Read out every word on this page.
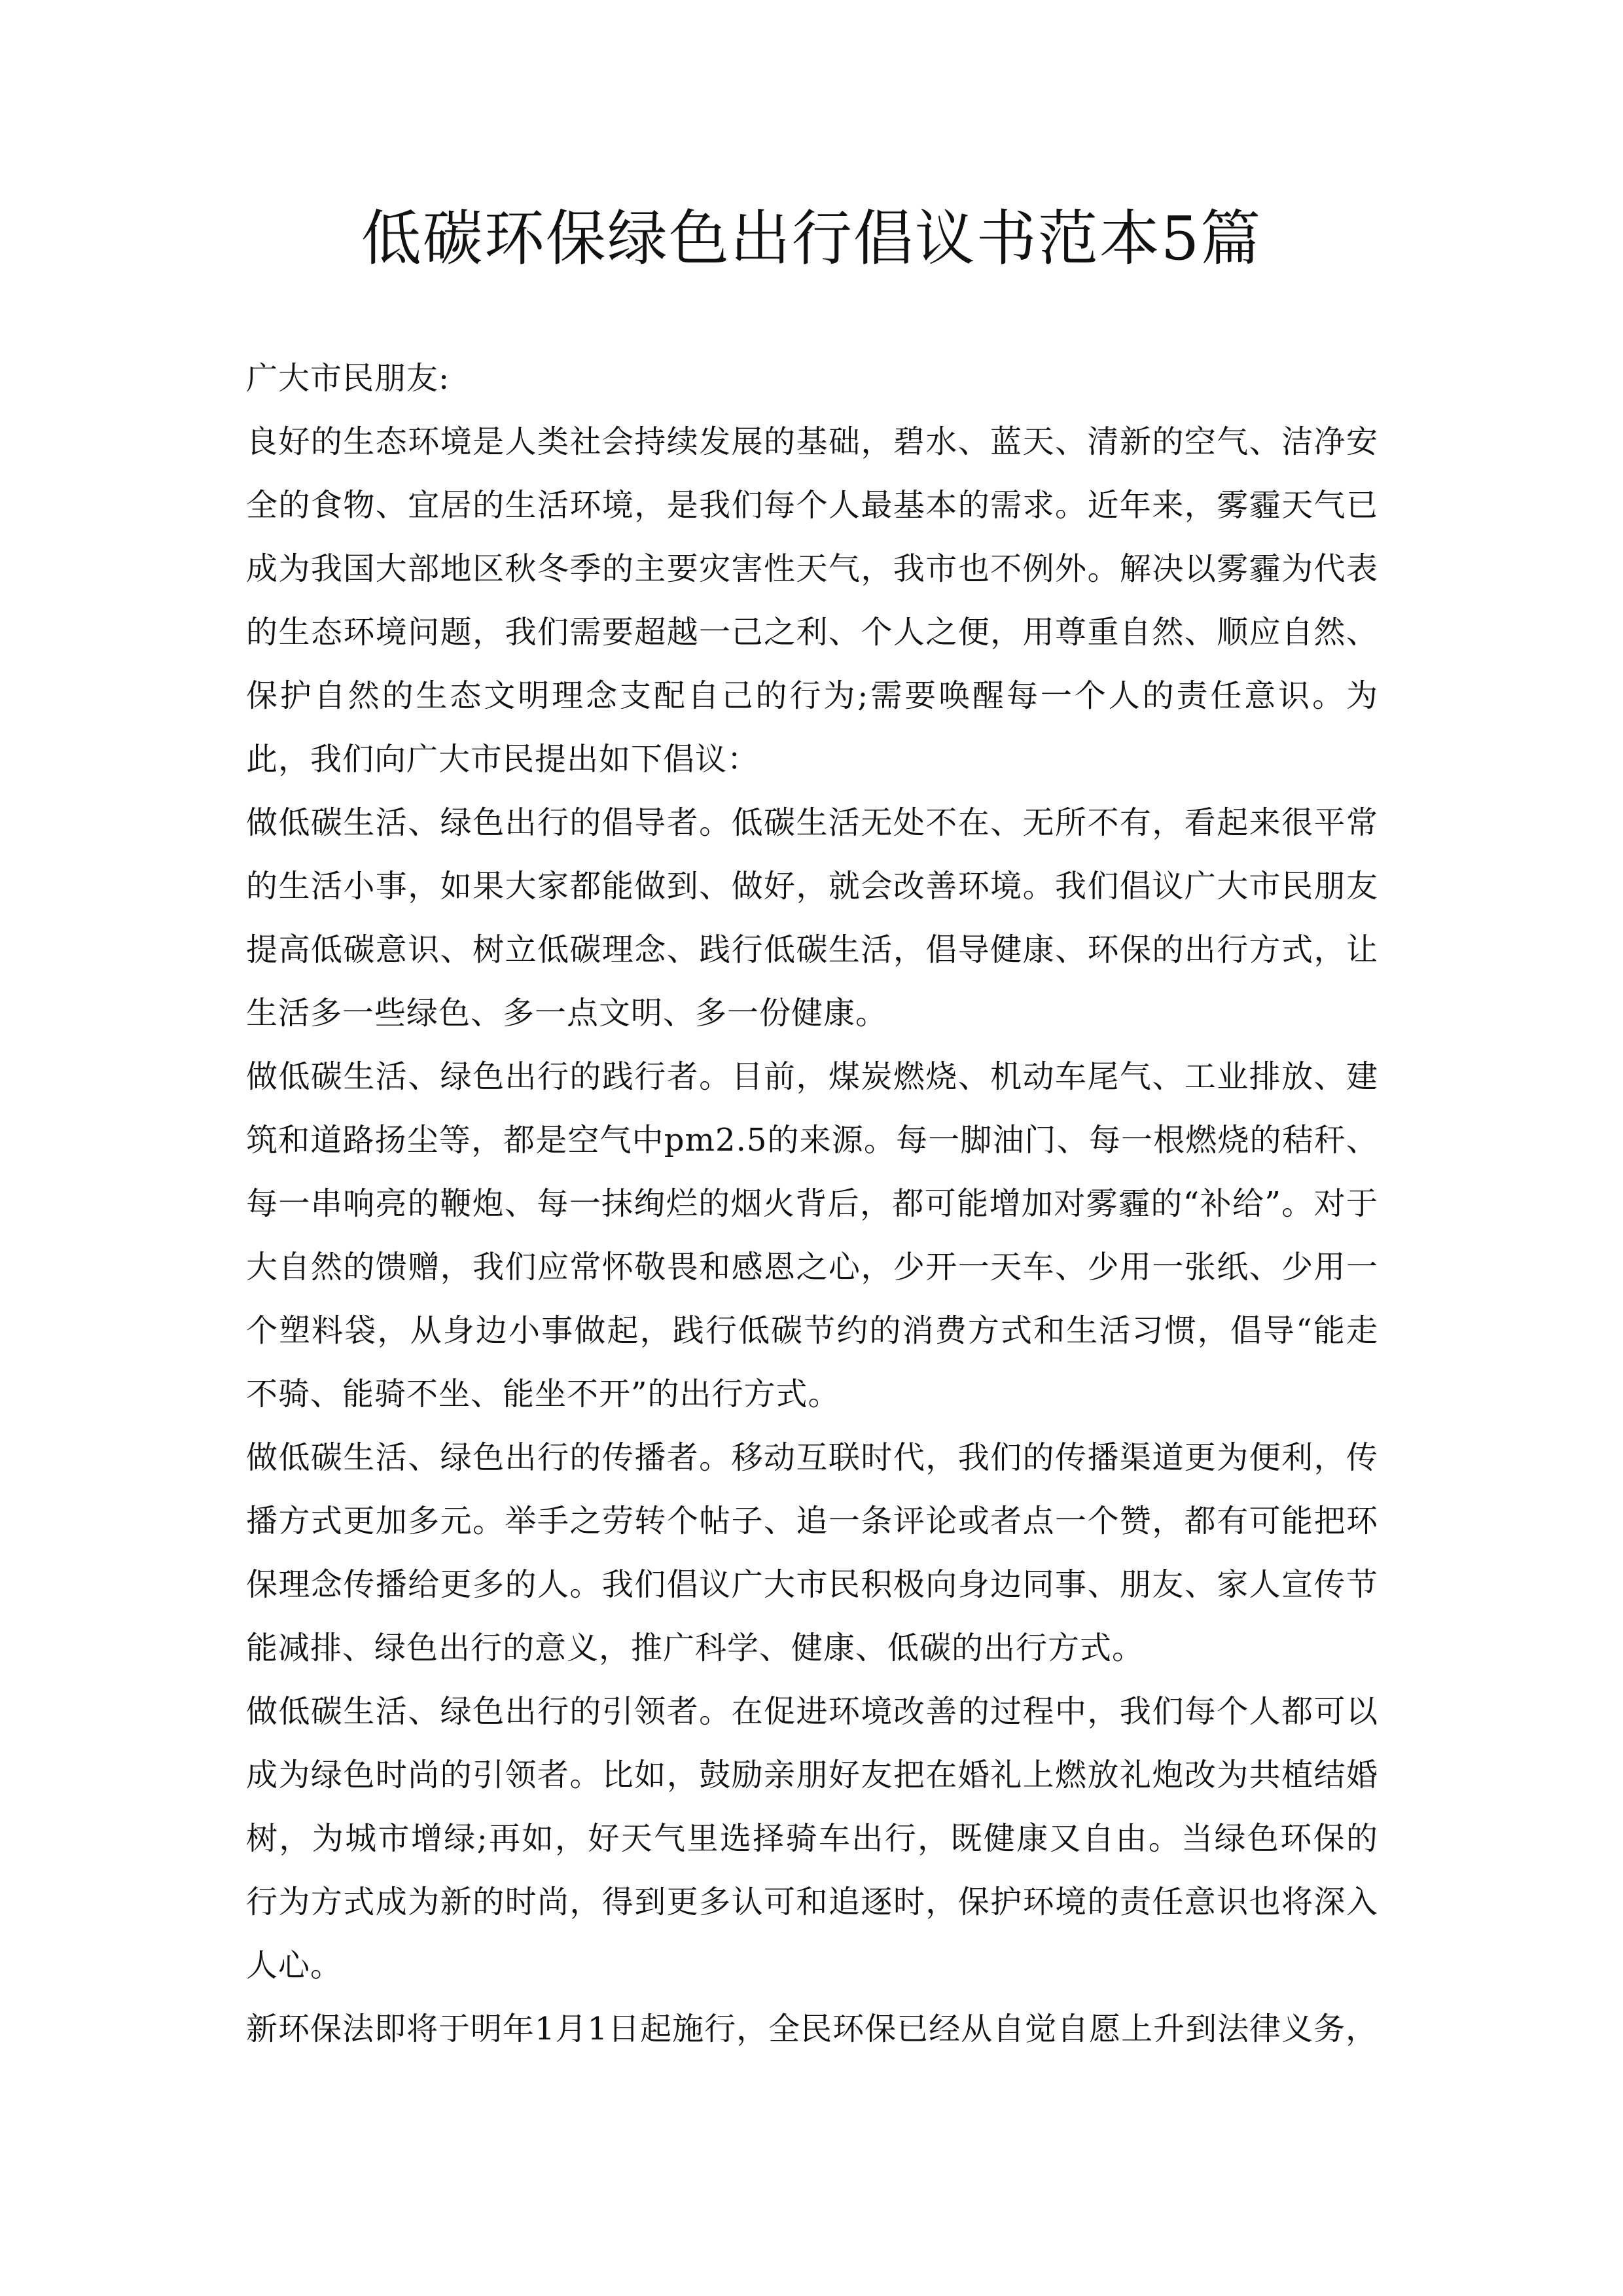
低碳环保绿色出行倡议书范本5篇

广大市民朋友:

良好的生态环境是人类社会持续发展的基础，碧水、蓝天、清新的空气、洁净安全的食物、宜居的生活环境，是我们每个人最基本的需求。近年来，雾霾天气已成为我国大部地区秋冬季的主要灾害性天气，我市也不例外。解决以雾霾为代表的生态环境问题，我们需要超越一己之利、个人之便，用尊重自然、顺应自然、保护自然的生态文明理念支配自己的行为;需要唤醒每一个人的责任意识。为此，我们向广大市民提出如下倡议：

做低碳生活、绿色出行的倡导者。低碳生活无处不在、无所不有，看起来很平常的生活小事，如果大家都能做到、做好，就会改善环境。我们倡议广大市民朋友提高低碳意识、树立低碳理念、践行低碳生活，倡导健康、环保的出行方式，让生活多一些绿色、多一点文明、多一份健康。

做低碳生活、绿色出行的践行者。目前，煤炭燃烧、机动车尾气、工业排放、建筑和道路扬尘等，都是空气中pm2.5的来源。每一脚油门、每一根燃烧的秸秆、每一串响亮的鞭炮、每一抹绚烂的烟火背后，都可能增加对雾霾的“补给”。对于大自然的馈赠，我们应常怀敬畏和感恩之心，少开一天车、少用一张纸、少用一个塑料袋，从身边小事做起，践行低碳节约的消费方式和生活习惯，倡导“能走不骑、能骑不坐、能坐不开”的出行方式。

做低碳生活、绿色出行的传播者。移动互联时代，我们的传播渠道更为便利，传播方式更加多元。举手之劳转个帖子、追一条评论或者点一个赞，都有可能把环保理念传播给更多的人。我们倡议广大市民积极向身边同事、朋友、家人宣传节能减排、绿色出行的意义，推广科学、健康、低碳的出行方式。

做低碳生活、绿色出行的引领者。在促进环境改善的过程中，我们每个人都可以成为绿色时尚的引领者。比如，鼓励亲朋好友把在婚礼上燃放礼炮改为共植结婚树，为城市增绿;再如，好天气里选择骑车出行，既健康又自由。当绿色环保的行为方式成为新的时尚，得到更多认可和追逐时，保护环境的责任意识也将深入人心。

新环保法即将于明年1月1日起施行，全民环保已经从自觉自愿上升到法律义务，
